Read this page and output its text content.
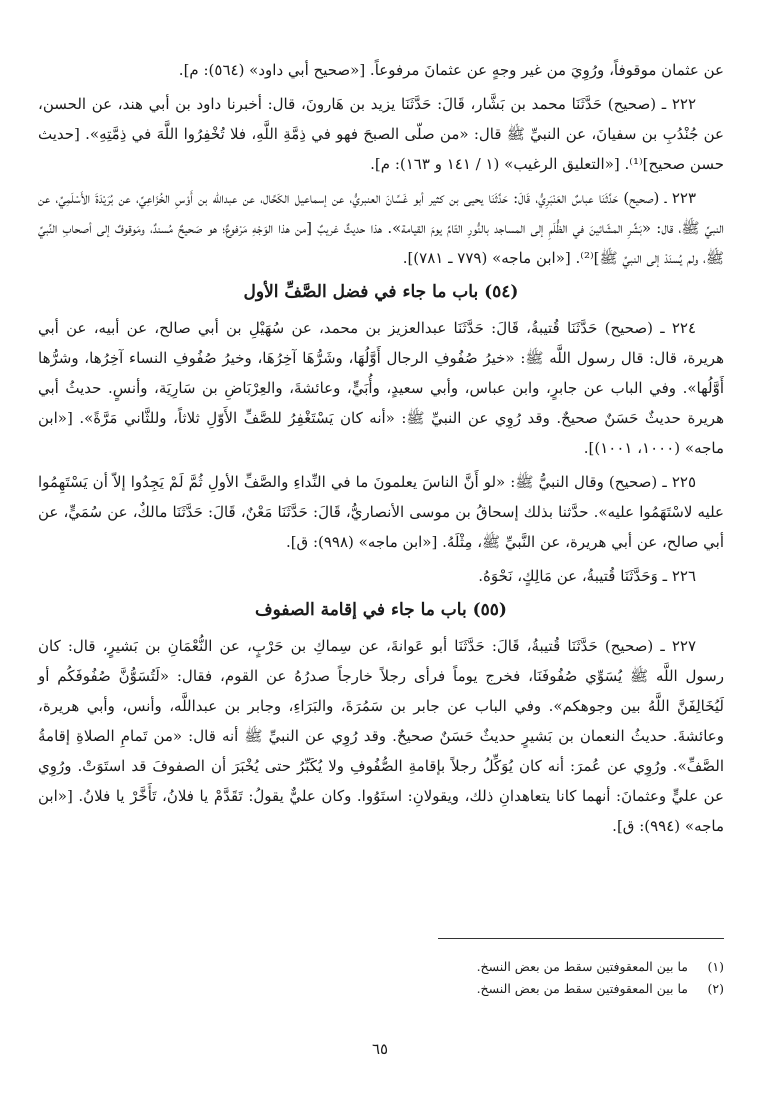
عن عثمان موقوفاً، ورُوِيَ من غير وجهٍ عن عثمانَ مرفوعاً. [«صحيح أبي داود» (٥٦٤): م].

٢٢٢ ـ (صحيح) حَدَّثَنَا محمد بن بَشَّار، قَالَ: حَدَّثَنَا يزيد بن هَارونَ، قال: أخبرنا داود بن أبي هند، عن الحسن، عن جُنْدُبِ بن سفيانَ، عن النبيِّ ﷺ قال: «من صلّى الصبحَ فهو في ذِمَّةِ اللَّهِ، فلا تُخْفِرُوا اللَّهَ في ذِمَّتِهِ». [حديث حسن صحيح]⁽¹⁾. [«التعليق الرغيب» (١ / ١٤١ و ١٦٣): م].

٢٢٣ ـ (صحيح) حَدَّثَنَا عباسٌ العَنْبَرِيُّ، قَالَ: حَدَّثَنَا يحيى بن كثير أبو غَسَّانَ العنبريُّ، عن إسماعيل الكَحَّال، عن عبدالله بن أَوْسِ الخُزَاعِيِّ، عن بُرَيْدَةَ الأَسْلَمِيِّ، عن النبيِّ ﷺ، قال: «بَشِّرِ المشّائينَ في الظُّلَمِ إلى المساجد بالنُّورِ التّامِّ يومَ القيامة». هذا حديثٌ غريبٌ [من هذا الوَجْهِ مَرْفوعٌ؛ هو صَحيحٌ مُسندٌ، ومَوقوفٌ إلى أصحابِ النَّبيِّ ﷺ، ولم يُسنَدْ إلى النبيِّ ﷺ]⁽²⁾. [«ابن ماجه» (٧٧٩ ـ ٧٨١)].

(٥٤) باب ما جاء في فضل الصَّفِّ الأول

٢٢٤ ـ (صحيح) حَدَّثَنَا قُتيبةُ، قَالَ: حَدَّثَنَا عبدالعزيز بن محمد، عن سُهَيْلِ بن أبي صالح، عن أبيه، عن أبي هريرة، قال: قال رسول اللَّه ﷺ: «خيرُ صُفُوفِ الرجال أَوَّلُهَا، وشَرُّهَا آخِرُهَا، وخيرُ صُفُوفِ النساء آخِرُها، وشرُّها أَوَّلُها». وفي الباب عن جابرٍ، وابن عباس، وأبي سعيدٍ، وأُبَيٍّ، وعائشةَ، والعِرْبَاضِ بن سَارِيَة، وأنسٍ. حديثُ أبي هريرة حديثٌ حَسَنٌ صحيحٌ. وقد رُوِي عن النبيِّ ﷺ: «أنه كان يَسْتَغْفِرُ للصَّفِّ الأَوّلِ ثلاثاً، وللثَّاني مَرَّةً». [«ابن ماجه» (١٠٠٠، ١٠٠١)].

٢٢٥ ـ (صحيح) وقال النبيُّ ﷺ: «لو أَنَّ الناسَ يعلمونَ ما في النِّداءِ والصَّفِّ الأولِ ثُمَّ لَمْ يَجِدُوا إلاّ أن يَسْتَهِمُوا عليه لاسْتَهَمُوا عليه». حدَّثنا بذلك إسحاقُ بن موسى الأنصاريُّ، قَالَ: حَدَّثَنَا مَعْنٌ، قَالَ: حَدَّثَنَا مالكٌ، عن سُمَيٍّ، عن أبي صالح، عن أبي هريرة، عن النَّبيِّ ﷺ، مِثْلَهُ. [«ابن ماجه» (٩٩٨): ق].

٢٢٦ ـ وَحَدَّثَنَا قُتيبةُ، عن مَالِكٍ، نَحْوَهُ.

(٥٥) باب ما جاء في إقامة الصفوف

٢٢٧ ـ (صحيح) حَدَّثَنَا قُتيبةُ، قَالَ: حَدَّثَنَا أبو عَوانةَ، عن سِماكِ بن حَرْبٍ، عن النُّعْمَانِ بن بَشيرٍ، قال: كان رسول اللَّه ﷺ يُسَوِّي صُفُوفَنَا، فخرج يوماً فرأى رجلاً خارجاً صدرُهُ عن القوم، فقال: «لَتُسَوُّنَّ صُفُوفَكُم أو لَيُخَالِفَنَّ اللَّهُ بين وجوهكم». وفي الباب عن جابر بن سَمُرَةَ، والبَرَاءِ، وجابر بن عبداللَّه، وأنس، وأبي هريرة، وعائشةَ. حديثُ النعمان بن بَشيرٍ حديثٌ حَسَنٌ صحيحٌ. وقد رُوِي عن النبيِّ ﷺ أنه قال: «من تَمامِ الصلاةِ إقامةُ الصَّفِّ». ورُوِي عن عُمرَ: أنه كان يُوَكِّلُ رجلاً بإقامةِ الصُّفُوفِ ولا يُكَبِّرُ حتى يُخْبَرَ أن الصفوفَ قد استَوَتْ. ورُوِي عن عليٍّ وعثمانَ: أنهما كانا يتعاهدانِ ذلك، ويقولانِ: استَوُوا. وكان عليٌّ يقولُ: تَقَدَّمْ يا فلانُ، تَأَخَّرْ يا فلانُ. [«ابن ماجه» (٩٩٤): ق].

(١)
ما بين المعقوفتين سقط من بعض النسخ.
(٢)
ما بين المعقوفتين سقط من بعض النسخ.
٦٥
